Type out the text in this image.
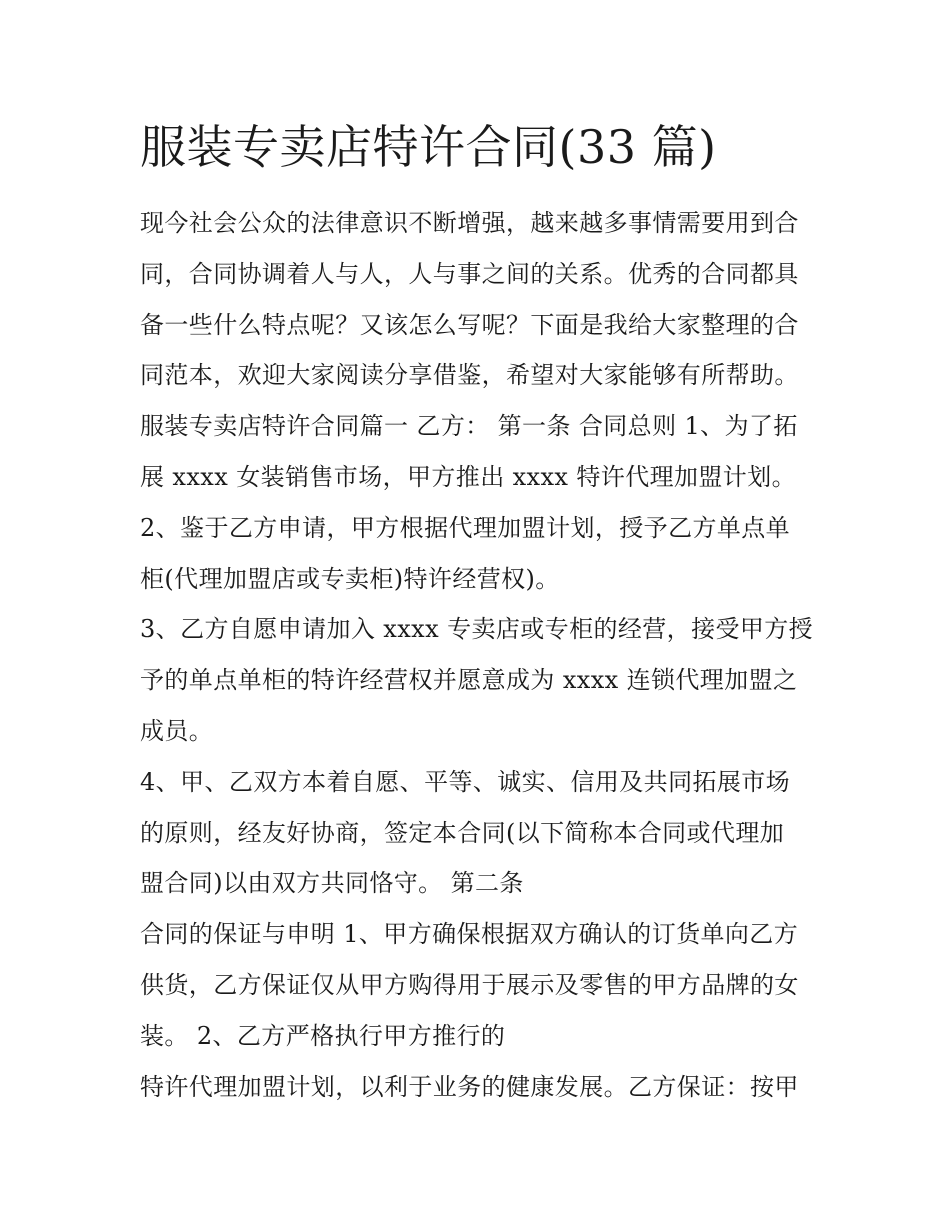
服装专卖店特许合同(33 篇)
现今社会公众的法律意识不断增强，越来越多事情需要用到合
同，合同协调着人与人，人与事之间的关系。优秀的合同都具
备一些什么特点呢？又该怎么写呢？下面是我给大家整理的合
同范本，欢迎大家阅读分享借鉴，希望对大家能够有所帮助。
服装专卖店特许合同篇一 乙方： 第一条 合同总则 1、为了拓
展 xxxx 女装销售市场，甲方推出 xxxx 特许代理加盟计划。
2、鉴于乙方申请，甲方根据代理加盟计划，授予乙方单点单
柜(代理加盟店或专卖柜)特许经营权)。
3、乙方自愿申请加入 xxxx 专卖店或专柜的经营，接受甲方授
予的单点单柜的特许经营权并愿意成为 xxxx 连锁代理加盟之
成员。
4、甲、乙双方本着自愿、平等、诚实、信用及共同拓展市场
的原则，经友好协商，签定本合同(以下简称本合同或代理加
盟合同)以由双方共同恪守。 第二条
合同的保证与申明 1、甲方确保根据双方确认的订货单向乙方
供货，乙方保证仅从甲方购得用于展示及零售的甲方品牌的女
装。 2、乙方严格执行甲方推行的
特许代理加盟计划，以利于业务的健康发展。乙方保证：按甲
